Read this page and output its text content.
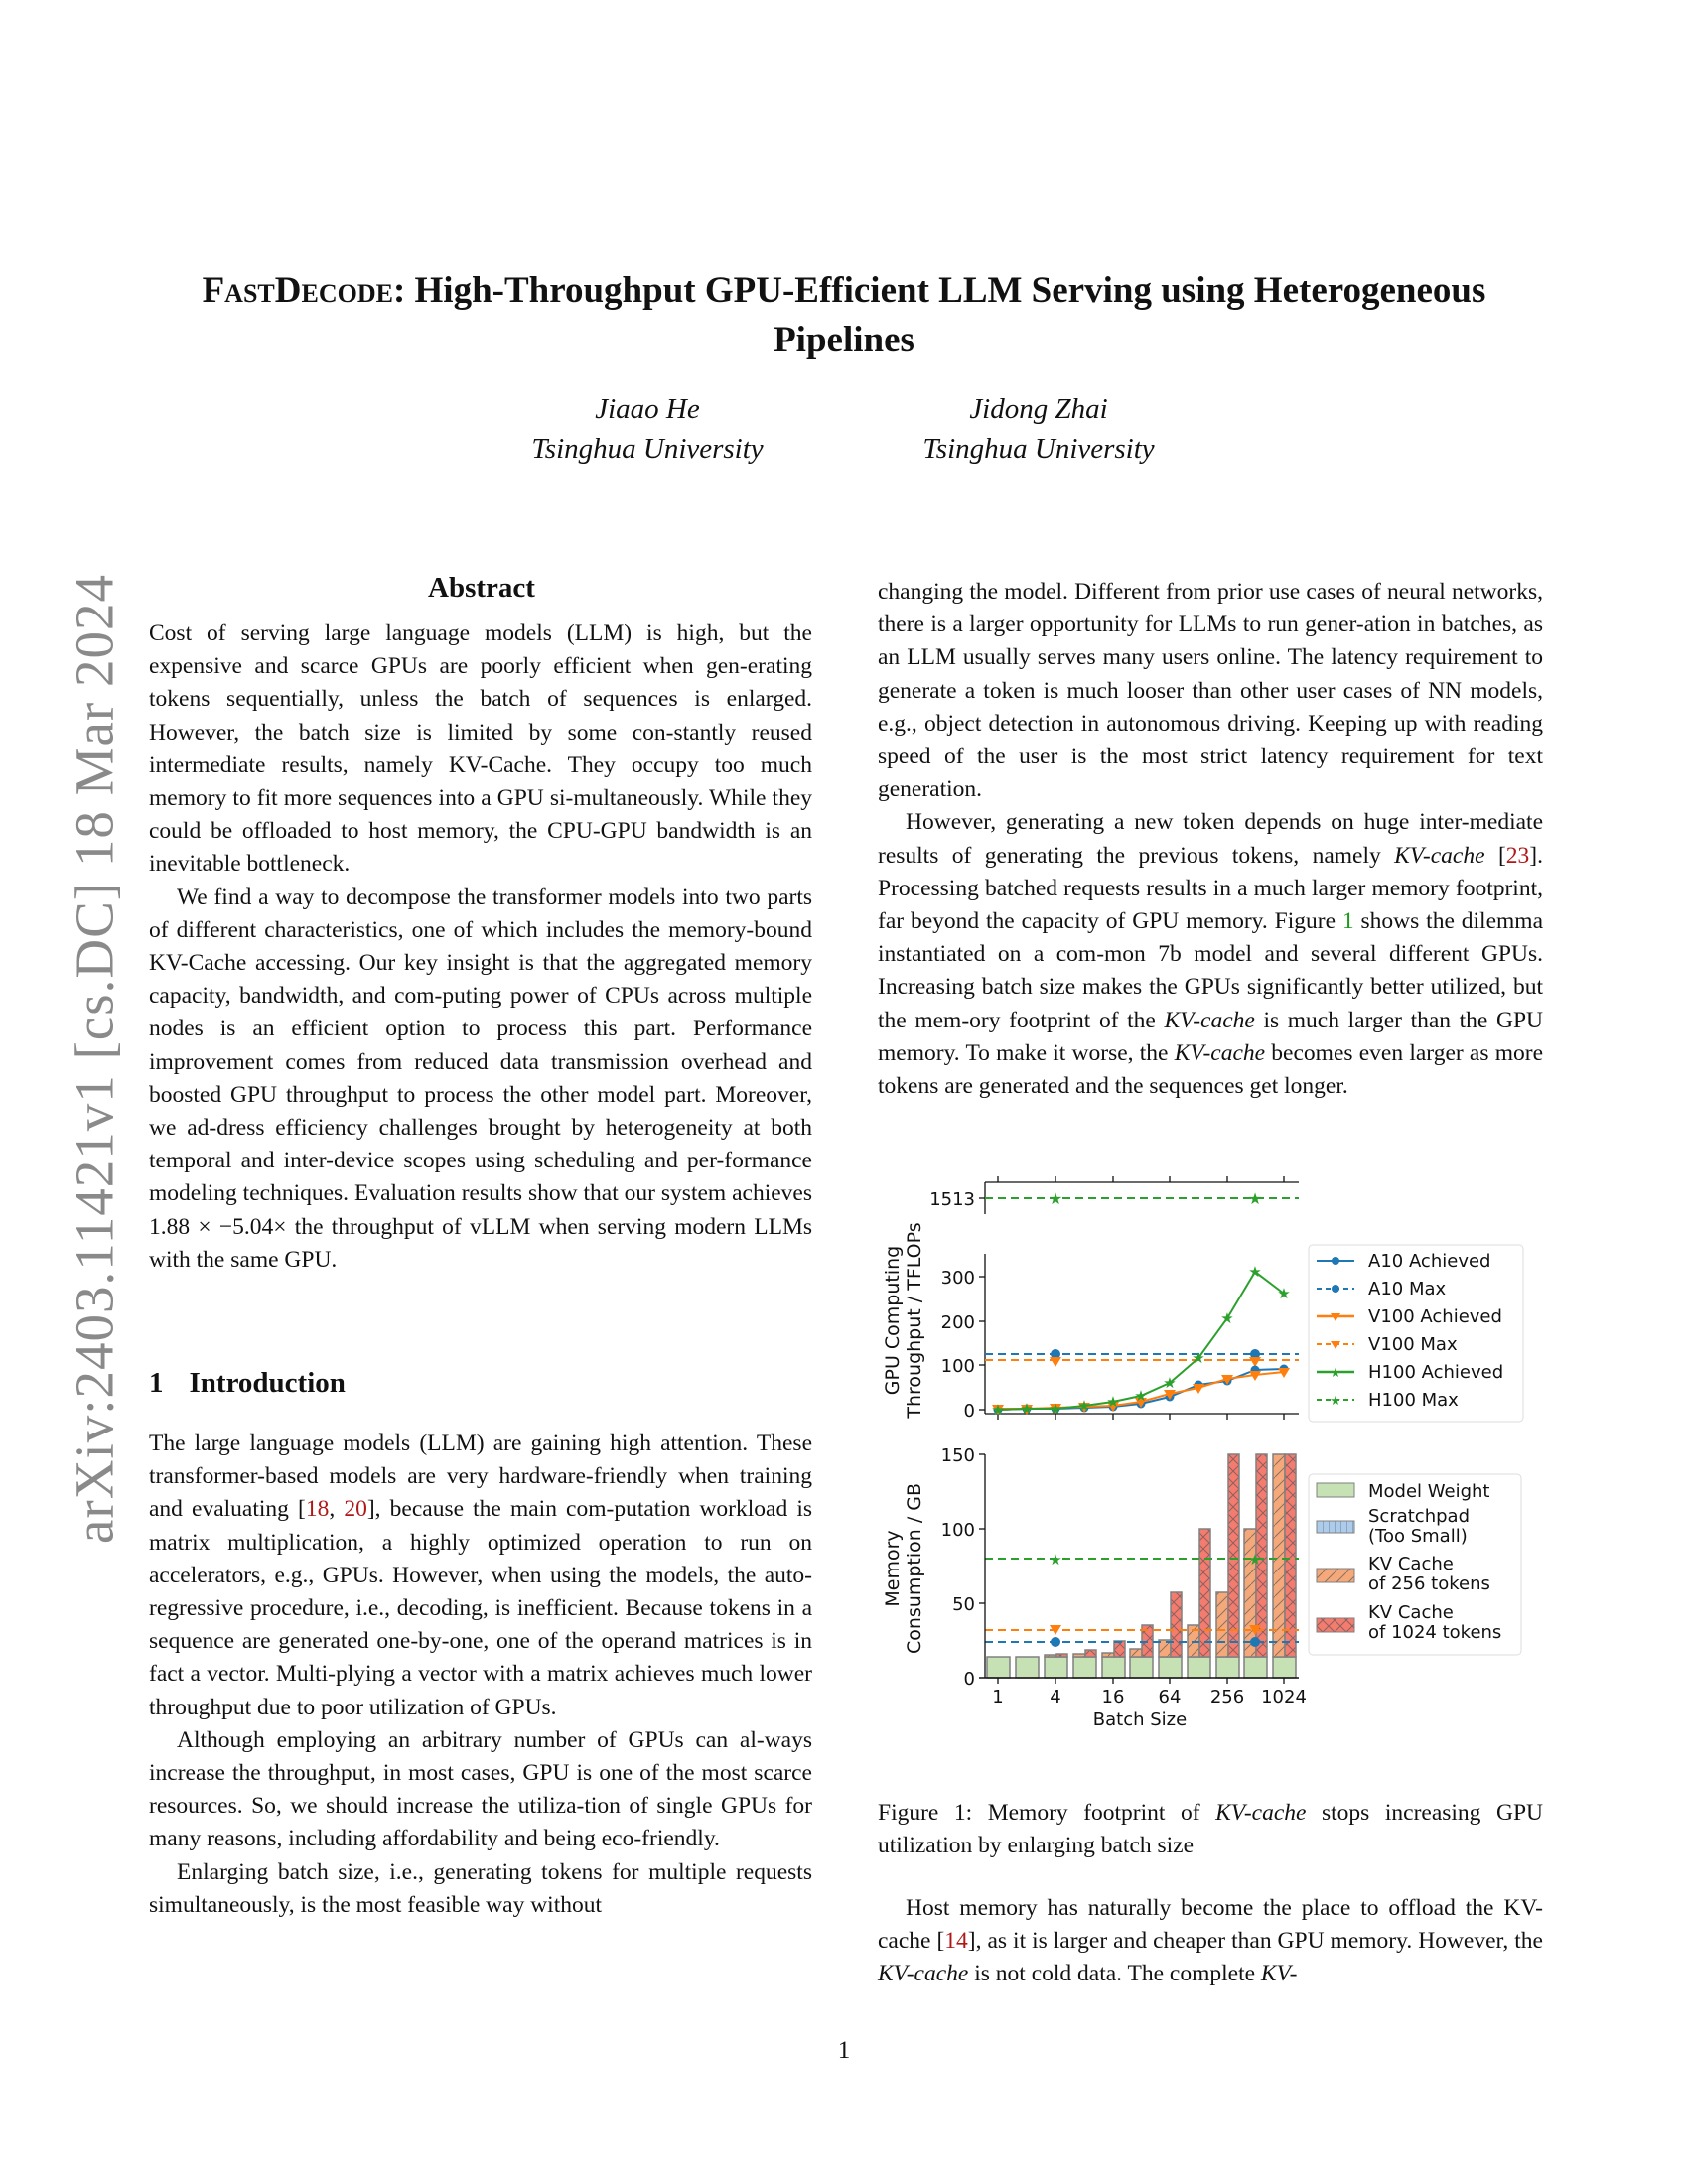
arXiv:2403.11421v1 [cs.DC] 18 Mar 2024
FastDecode: High-Throughput GPU-Efficient LLM Serving using Heterogeneous
Pipelines
Jiaao He
Tsinghua University
Jidong Zhai
Tsinghua University
Abstract

Cost of serving large language models (LLM) is high, but the expensive and scarce GPUs are poorly efficient when gen-erating tokens sequentially, unless the batch of sequences is enlarged. However, the batch size is limited by some con-stantly reused intermediate results, namely KV-Cache. They occupy too much memory to fit more sequences into a GPU si-multaneously. While they could be offloaded to host memory, the CPU-GPU bandwidth is an inevitable bottleneck.

We find a way to decompose the transformer models into two parts of different characteristics, one of which includes the memory-bound KV-Cache accessing. Our key insight is that the aggregated memory capacity, bandwidth, and com-puting power of CPUs across multiple nodes is an efficient option to process this part. Performance improvement comes from reduced data transmission overhead and boosted GPU throughput to process the other model part. Moreover, we ad-dress efficiency challenges brought by heterogeneity at both temporal and inter-device scopes using scheduling and per-formance modeling techniques. Evaluation results show that our system achieves 1.88 × −5.04× the throughput of vLLM when serving modern LLMs with the same GPU.

1 Introduction

The large language models (LLM) are gaining high attention. These transformer-based models are very hardware-friendly when training and evaluating [18, 20], because the main com-putation workload is matrix multiplication, a highly optimized operation to run on accelerators, e.g., GPUs. However, when using the models, the auto-regressive procedure, i.e., decoding, is inefficient. Because tokens in a sequence are generated one-by-one, one of the operand matrices is in fact a vector. Multi-plying a vector with a matrix achieves much lower throughput due to poor utilization of GPUs.

Although employing an arbitrary number of GPUs can al-ways increase the throughput, in most cases, GPU is one of the most scarce resources. So, we should increase the utiliza-tion of single GPUs for many reasons, including affordability and being eco-friendly.

Enlarging batch size, i.e., generating tokens for multiple requests simultaneously, is the most feasible way without

changing the model. Different from prior use cases of neural networks, there is a larger opportunity for LLMs to run gener-ation in batches, as an LLM usually serves many users online. The latency requirement to generate a token is much looser than other user cases of NN models, e.g., object detection in autonomous driving. Keeping up with reading speed of the user is the most strict latency requirement for text generation.

However, generating a new token depends on huge inter-mediate results of generating the previous tokens, namely KV-cache [23]. Processing batched requests results in a much larger memory footprint, far beyond the capacity of GPU memory. Figure 1 shows the dilemma instantiated on a com-mon 7b model and several different GPUs. Increasing batch size makes the GPUs significantly better utilized, but the mem-ory footprint of the KV-cache is much larger than the GPU memory. To make it worse, the KV-cache becomes even larger as more tokens are generated and the sequences get longer.

GPU Computing Throughput / TFLOPs
Memory Consumption / GB
1513	★	★
0
100
200
300
★ ★ ★ ★ ★ ★
★
★
★
★
★
A10 Achieved
A10 Max
V100 Achieved
V100 Max
★ H100 Achieved
★ H100 Max
★	★
150
100
50
0
1	4 16 64 256 1024
Batch Size
Model Weight
Scratchpad
(Too Small)
KV Cache
of 256 tokens
KV Cache
of 1024 tokens
Figure 1: Memory footprint of KV-cache stops increasing GPU utilization by enlarging batch size

Host memory has naturally become the place to offload the KV-cache [14], as it is larger and cheaper than GPU memory. However, the KV-cache is not cold data. The complete KV-

1
